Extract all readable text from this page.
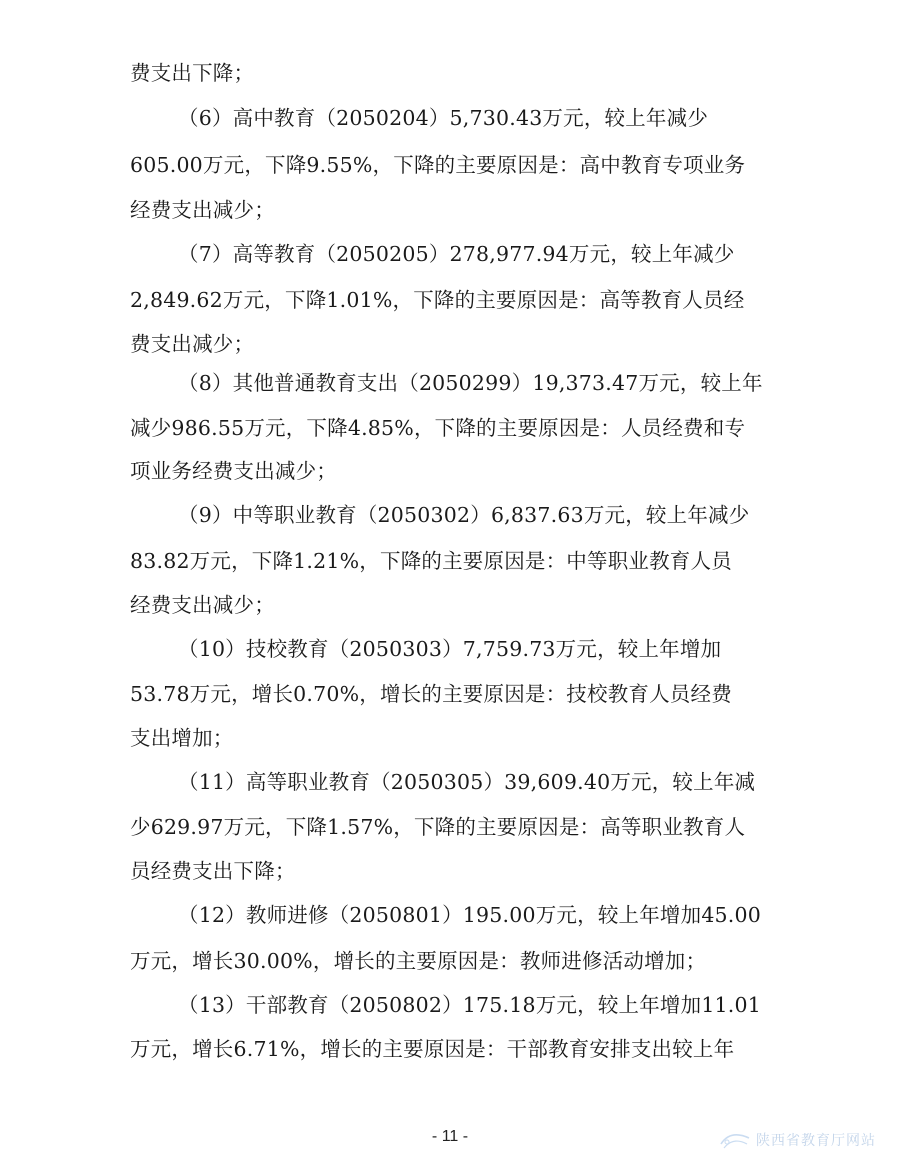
费支出下降；
（6）高中教育（2050204）5,730.43万元，较上年减少
605.00万元，下降9.55%，下降的主要原因是：高中教育专项业务
经费支出减少；
（7）高等教育（2050205）278,977.94万元，较上年减少
2,849.62万元，下降1.01%，下降的主要原因是：高等教育人员经
费支出减少；
（8）其他普通教育支出（2050299）19,373.47万元，较上年
减少986.55万元，下降4.85%，下降的主要原因是：人员经费和专
项业务经费支出减少；
（9）中等职业教育（2050302）6,837.63万元，较上年减少
83.82万元，下降1.21%，下降的主要原因是：中等职业教育人员
经费支出减少；
（10）技校教育（2050303）7,759.73万元，较上年增加
53.78万元，增长0.70%，增长的主要原因是：技校教育人员经费
支出增加；
（11）高等职业教育（2050305）39,609.40万元，较上年减
少629.97万元，下降1.57%，下降的主要原因是：高等职业教育人
员经费支出下降；
（12）教师进修（2050801）195.00万元，较上年增加45.00
万元，增长30.00%，增长的主要原因是：教师进修活动增加；
（13）干部教育（2050802）175.18万元，较上年增加11.01
万元，增长6.71%，增长的主要原因是：干部教育安排支出较上年
- 11 -	陕西省教育厅网站
